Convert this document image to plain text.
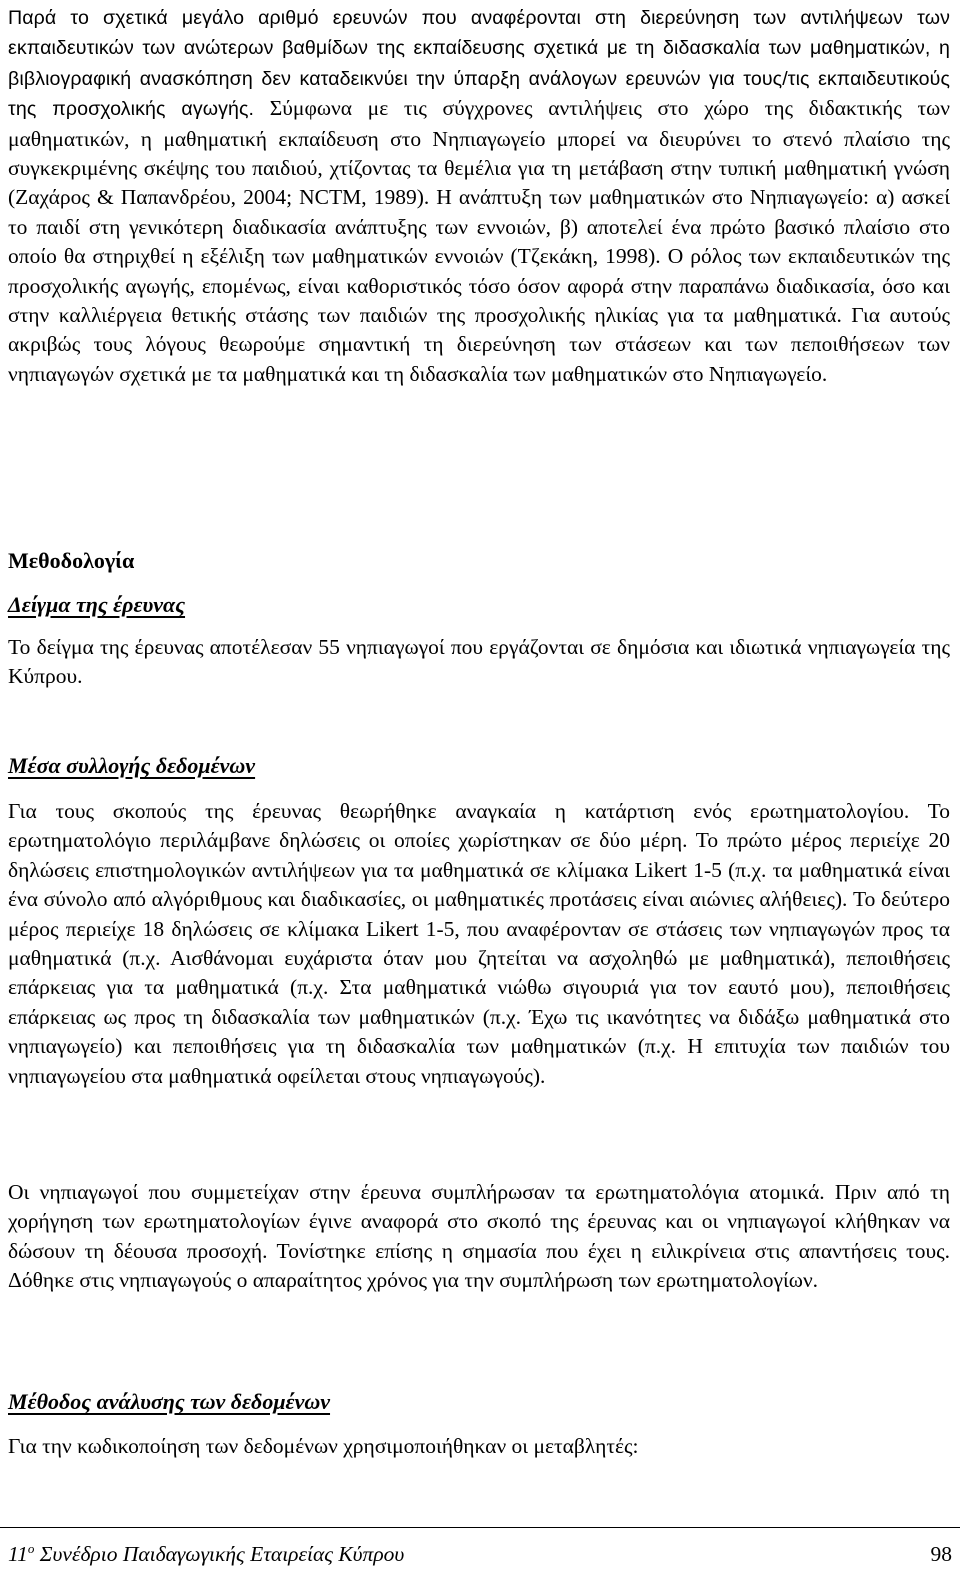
Παρά το σχετικά μεγάλο αριθμό ερευνών που αναφέρονται στη διερεύνηση των αντιλήψεων των εκπαιδευτικών των ανώτερων βαθμίδων της εκπαίδευσης σχετικά με τη διδασκαλία των μαθηματικών, η βιβλιογραφική ανασκόπηση δεν καταδεικνύει την ύπαρξη ανάλογων ερευνών για τους/τις εκπαιδευτικούς της προσχολικής αγωγής. Σύμφωνα με τις σύγχρονες αντιλήψεις στο χώρο της διδακτικής των μαθηματικών, η μαθηματική εκπαίδευση στο Νηπιαγωγείο μπορεί να διευρύνει το στενό πλαίσιο της συγκεκριμένης σκέψης του παιδιού, χτίζοντας τα θεμέλια για τη μετάβαση στην τυπική μαθηματική γνώση (Ζαχάρος & Παπανδρέου, 2004; NCTM, 1989). Η ανάπτυξη των μαθηματικών στο Νηπιαγωγείο: α) ασκεί το παιδί στη γενικότερη διαδικασία ανάπτυξης των εννοιών, β) αποτελεί ένα πρώτο βασικό πλαίσιο στο οποίο θα στηριχθεί η εξέλιξη των μαθηματικών εννοιών (Τζεκάκη, 1998). Ο ρόλος των εκπαιδευτικών της προσχολικής αγωγής, επομένως, είναι καθοριστικός τόσο όσον αφορά στην παραπάνω διαδικασία, όσο και στην καλλιέργεια θετικής στάσης των παιδιών της προσχολικής ηλικίας για τα μαθηματικά. Για αυτούς ακριβώς τους λόγους θεωρούμε σημαντική τη διερεύνηση των στάσεων και των πεποιθήσεων των νηπιαγωγών σχετικά με τα μαθηματικά και τη διδασκαλία των μαθηματικών στο Νηπιαγωγείο.

Μεθοδολογία
Δείγμα της έρευνας

Το δείγμα της έρευνας αποτέλεσαν 55 νηπιαγωγοί που εργάζονται σε δημόσια και ιδιωτικά νηπιαγωγεία της Κύπρου.

Μέσα συλλογής δεδομένων

Για τους σκοπούς της έρευνας θεωρήθηκε αναγκαία η κατάρτιση ενός ερωτηματολογίου. Το ερωτηματολόγιο περιλάμβανε δηλώσεις οι οποίες χωρίστηκαν σε δύο μέρη. Το πρώτο μέρος περιείχε 20 δηλώσεις επιστημολογικών αντιλήψεων για τα μαθηματικά σε κλίμακα Likert 1-5 (π.χ. τα μαθηματικά είναι ένα σύνολο από αλγόριθμους και διαδικασίες, οι μαθηματικές προτάσεις είναι αιώνιες αλήθειες). Το δεύτερο μέρος περιείχε 18 δηλώσεις σε κλίμακα Likert 1-5, που αναφέρονταν σε στάσεις των νηπιαγωγών προς τα μαθηματικά (π.χ. Αισθάνομαι ευχάριστα όταν μου ζητείται να ασχοληθώ με μαθηματικά), πεποιθήσεις επάρκειας για τα μαθηματικά (π.χ. Στα μαθηματικά νιώθω σιγουριά για τον εαυτό μου), πεποιθήσεις επάρκειας ως προς τη διδασκαλία των μαθηματικών (π.χ. Έχω τις ικανότητες να διδάξω μαθηματικά στο νηπιαγωγείο) και πεποιθήσεις για τη διδασκαλία των μαθηματικών (π.χ. Η επιτυχία των παιδιών του νηπιαγωγείου στα μαθηματικά οφείλεται στους νηπιαγωγούς).

Οι νηπιαγωγοί που συμμετείχαν στην έρευνα συμπλήρωσαν τα ερωτηματολόγια ατομικά. Πριν από τη χορήγηση των ερωτηματολογίων έγινε αναφορά στο σκοπό της έρευνας και οι νηπιαγωγοί κλήθηκαν να δώσουν τη δέουσα προσοχή. Τονίστηκε επίσης η σημασία που έχει η ειλικρίνεια στις απαντήσεις τους. Δόθηκε στις νηπιαγωγούς ο απαραίτητος χρόνος για την συμπλήρωση των ερωτηματολογίων.

Μέθοδος ανάλυσης των δεδομένων

Για την κωδικοποίηση των δεδομένων χρησιμοποιήθηκαν οι μεταβλητές:

$11^o$ Συνέδριο Παιδαγωγικής Εταιρείας Κύπρου	98
